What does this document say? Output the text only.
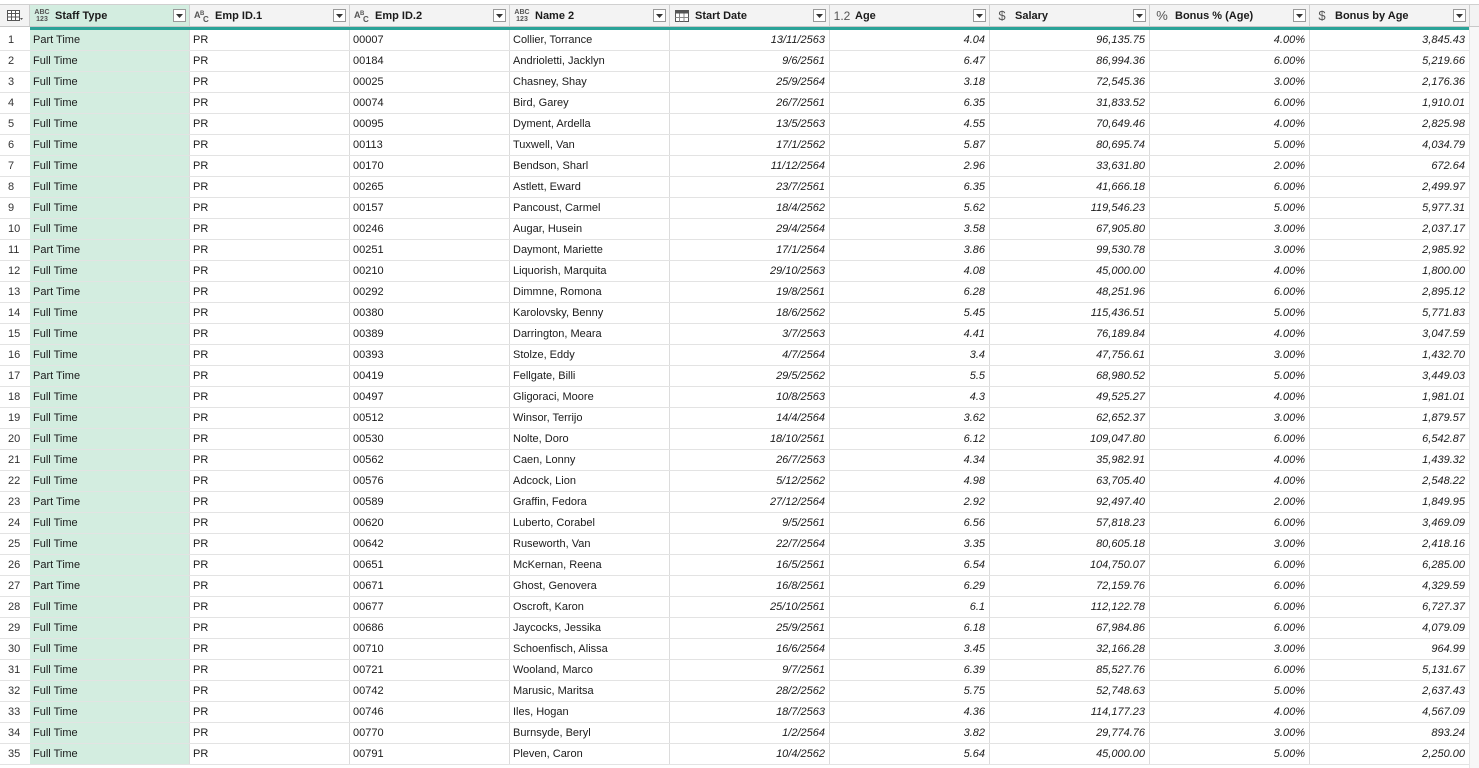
ABC
123 Staff Type	A B
C Emp ID.1	A B
C Emp ID.2	ABC
123 Name 2	Start Date	1.2 Age	$ Salary	% Bonus % (Age)	$ Bonus by Age
1	Part Time	PR	00007	Collier, Torrance	13/11/2563	4.04	96,135.75	4.00%	3,845.43
2	Full Time	PR	00184	Andrioletti, Jacklyn	9/6/2561	6.47	86,994.36	6.00%	5,219.66
3	Full Time	PR	00025	Chasney, Shay	25/9/2564	3.18	72,545.36	3.00%	2,176.36
4	Full Time	PR	00074	Bird, Garey	26/7/2561	6.35	31,833.52	6.00%	1,910.01
5	Full Time	PR	00095	Dyment, Ardella	13/5/2563	4.55	70,649.46	4.00%	2,825.98
6	Full Time	PR	00113	Tuxwell, Van	17/1/2562	5.87	80,695.74	5.00%	4,034.79
7	Full Time	PR	00170	Bendson, Sharl	11/12/2564	2.96	33,631.80	2.00%	672.64
8	Full Time	PR	00265	Astlett, Eward	23/7/2561	6.35	41,666.18	6.00%	2,499.97
9	Full Time	PR	00157	Pancoust, Carmel	18/4/2562	5.62	119,546.23	5.00%	5,977.31
10	Full Time	PR	00246	Augar, Husein	29/4/2564	3.58	67,905.80	3.00%	2,037.17
11	Part Time	PR	00251	Daymont, Mariette	17/1/2564	3.86	99,530.78	3.00%	2,985.92
12	Full Time	PR	00210	Liquorish, Marquita	29/10/2563	4.08	45,000.00	4.00%	1,800.00
13	Part Time	PR	00292	Dimmne, Romona	19/8/2561	6.28	48,251.96	6.00%	2,895.12
14	Full Time	PR	00380	Karolovsky, Benny	18/6/2562	5.45	115,436.51	5.00%	5,771.83
15	Full Time	PR	00389	Darrington, Meara	3/7/2563	4.41	76,189.84	4.00%	3,047.59
16	Full Time	PR	00393	Stolze, Eddy	4/7/2564	3.4	47,756.61	3.00%	1,432.70
17	Part Time	PR	00419	Fellgate, Billi	29/5/2562	5.5	68,980.52	5.00%	3,449.03
18	Full Time	PR	00497	Gligoraci, Moore	10/8/2563	4.3	49,525.27	4.00%	1,981.01
19	Full Time	PR	00512	Winsor, Terrijo	14/4/2564	3.62	62,652.37	3.00%	1,879.57
20	Full Time	PR	00530	Nolte, Doro	18/10/2561	6.12	109,047.80	6.00%	6,542.87
21	Full Time	PR	00562	Caen, Lonny	26/7/2563	4.34	35,982.91	4.00%	1,439.32
22	Full Time	PR	00576	Adcock, Lion	5/12/2562	4.98	63,705.40	4.00%	2,548.22
23	Part Time	PR	00589	Graffin, Fedora	27/12/2564	2.92	92,497.40	2.00%	1,849.95
24	Full Time	PR	00620	Luberto, Corabel	9/5/2561	6.56	57,818.23	6.00%	3,469.09
25	Full Time	PR	00642	Ruseworth, Van	22/7/2564	3.35	80,605.18	3.00%	2,418.16
26	Part Time	PR	00651	McKernan, Reena	16/5/2561	6.54	104,750.07	6.00%	6,285.00
27	Part Time	PR	00671	Ghost, Genovera	16/8/2561	6.29	72,159.76	6.00%	4,329.59
28	Full Time	PR	00677	Oscroft, Karon	25/10/2561	6.1	112,122.78	6.00%	6,727.37
29	Full Time	PR	00686	Jaycocks, Jessika	25/9/2561	6.18	67,984.86	6.00%	4,079.09
30	Full Time	PR	00710	Schoenfisch, Alissa	16/6/2564	3.45	32,166.28	3.00%	964.99
31	Full Time	PR	00721	Wooland, Marco	9/7/2561	6.39	85,527.76	6.00%	5,131.67
32	Full Time	PR	00742	Marusic, Maritsa	28/2/2562	5.75	52,748.63	5.00%	2,637.43
33	Full Time	PR	00746	Iles, Hogan	18/7/2563	4.36	114,177.23	4.00%	4,567.09
34	Full Time	PR	00770	Burnsyde, Beryl	1/2/2564	3.82	29,774.76	3.00%	893.24
35	Full Time	PR	00791	Pleven, Caron	10/4/2562	5.64	45,000.00	5.00%	2,250.00
